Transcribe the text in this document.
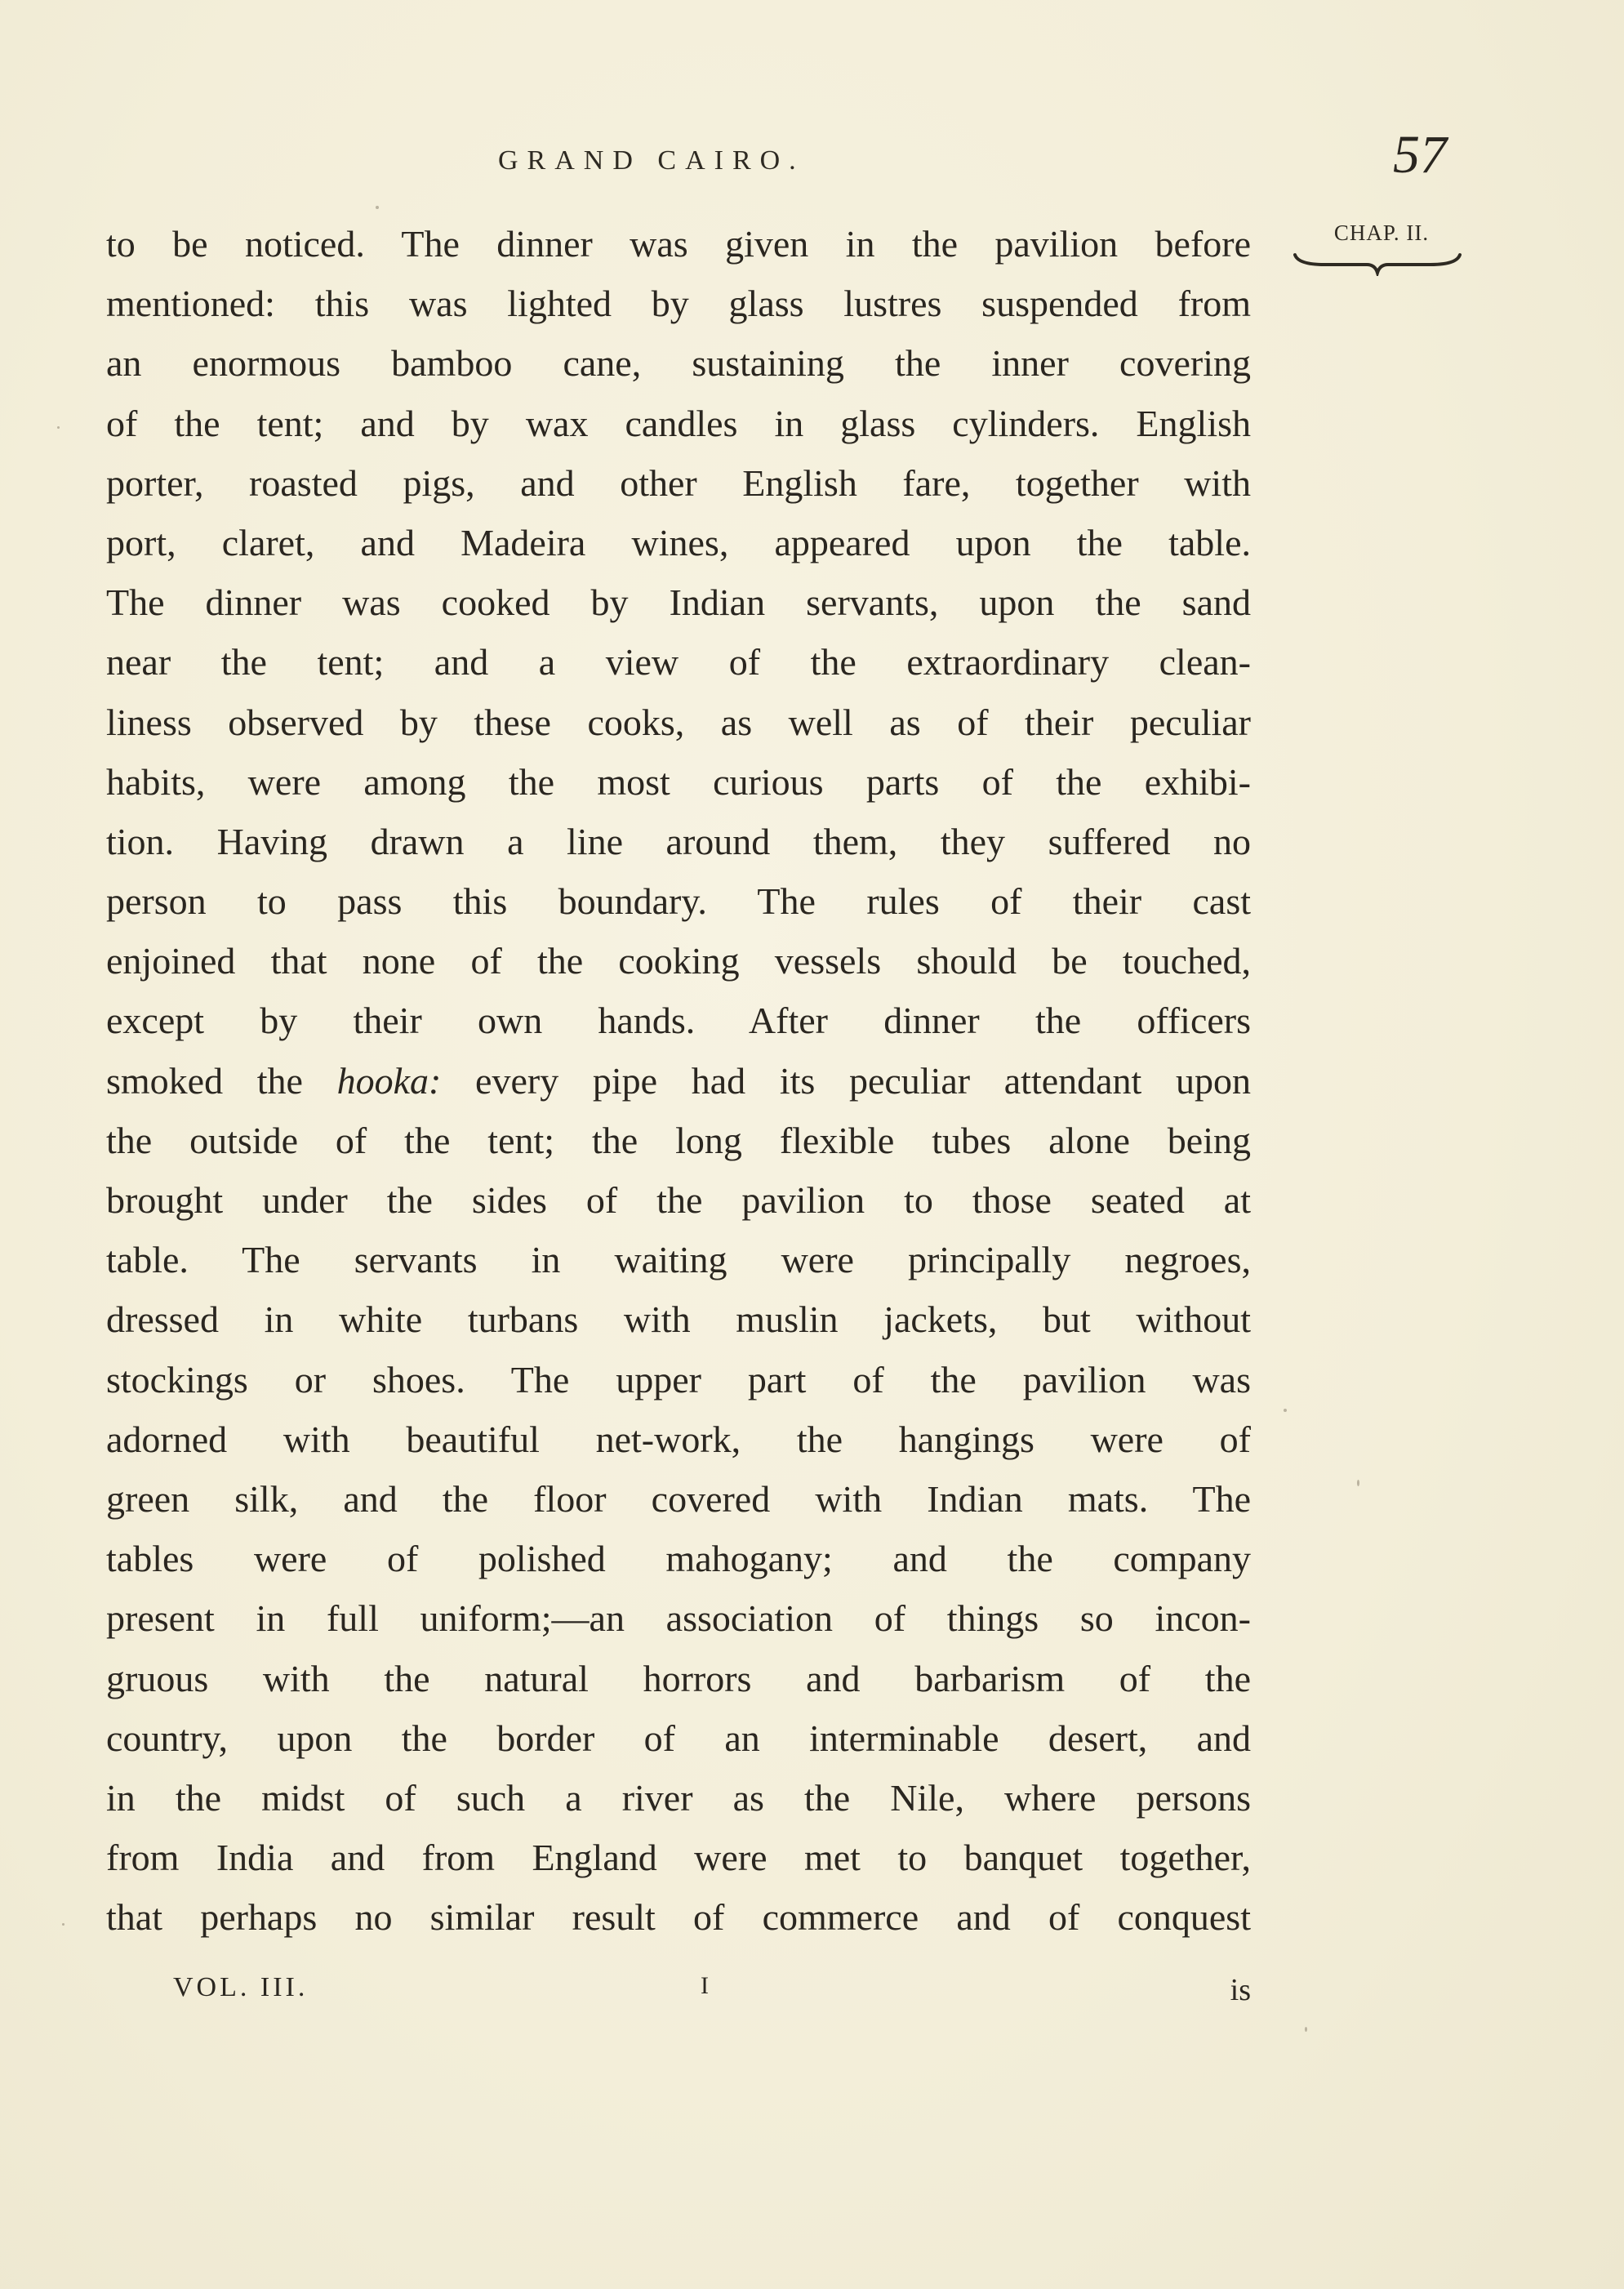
GRAND CAIRO.	57
CHAP. II.
to be noticed. The dinner was given in the pavilion before
mentioned: this was lighted by glass lustres suspended from
an enormous bamboo cane, sustaining the inner covering
of the tent; and by wax candles in glass cylinders. English
porter, roasted pigs, and other English fare, together with
port, claret, and Madeira wines, appeared upon the table.
The dinner was cooked by Indian servants, upon the sand
near the tent; and a view of the extraordinary clean-
liness observed by these cooks, as well as of their peculiar
habits, were among the most curious parts of the exhibi-
tion. Having drawn a line around them, they suffered no
person to pass this boundary. The rules of their cast
enjoined that none of the cooking vessels should be touched,
except by their own hands. After dinner the officers
smoked the hooka: every pipe had its peculiar attendant upon
the outside of the tent; the long flexible tubes alone being
brought under the sides of the pavilion to those seated at
table. The servants in waiting were principally negroes,
dressed in white turbans with muslin jackets, but without
stockings or shoes. The upper part of the pavilion was
adorned with beautiful net-work, the hangings were of
green silk, and the floor covered with Indian mats. The
tables were of polished mahogany; and the company
present in full uniform;—an association of things so incon-
gruous with the natural horrors and barbarism of the
country, upon the border of an interminable desert, and
in the midst of such a river as the Nile, where persons
from India and from England were met to banquet together,
that perhaps no similar result of commerce and of conquest
VOL. III.	I	is
